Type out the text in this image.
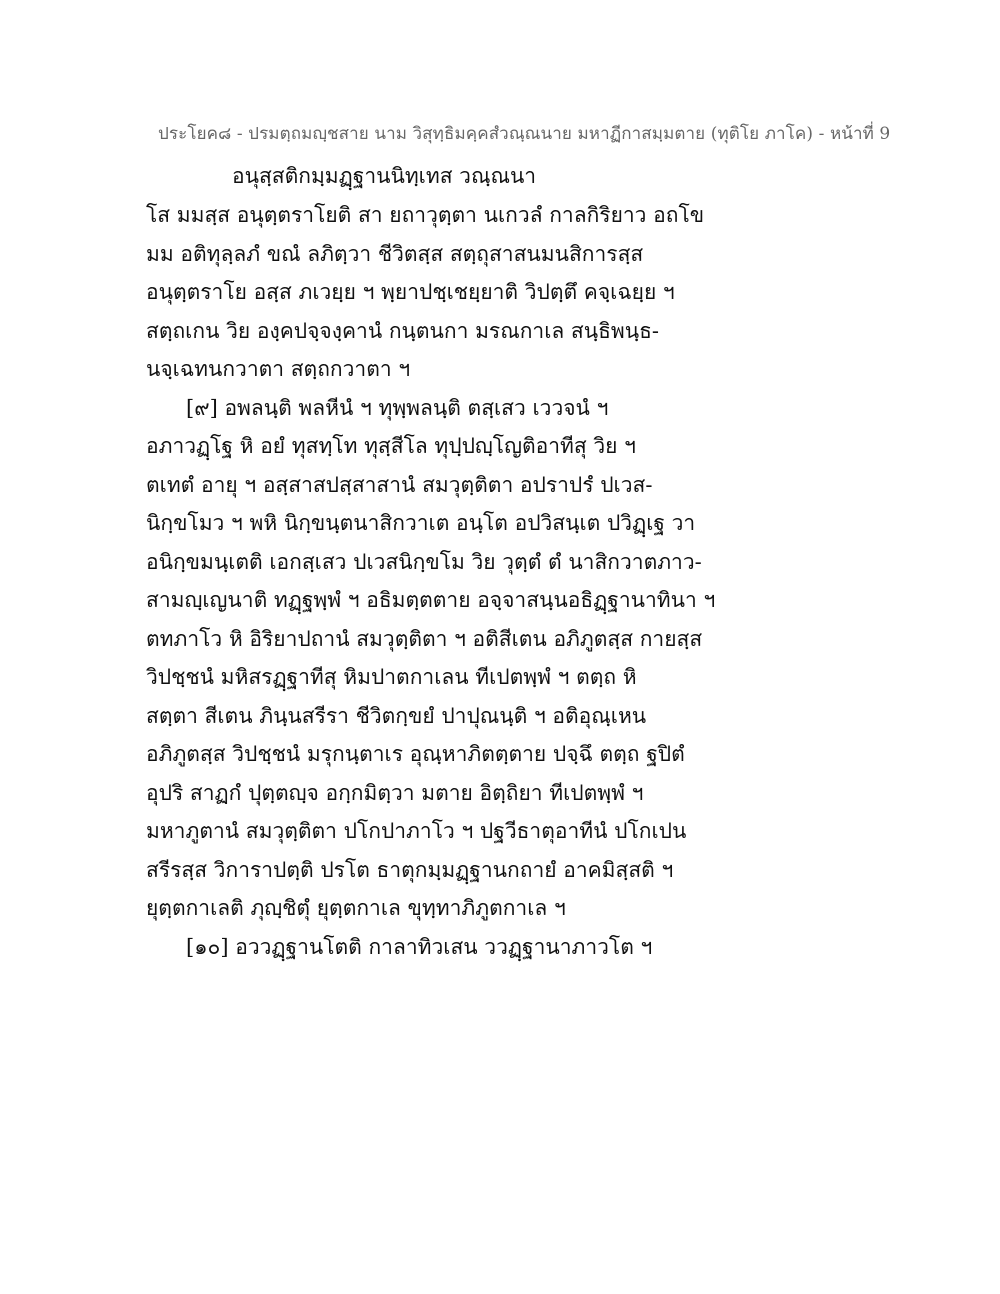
ประโยค๘ - ปรมตฺถมญฺชสาย นาม วิสุทฺธิมคฺคสํวณฺณนาย มหาฏีกาสมฺมตาย (ทุติโย ภาโค) - หน้าที่ 9
อนุสฺสติกมฺมฏฺฐานนิทฺเทส วณฺณนา
โส มมสฺส อนุตฺตราโยติ สา ยถาวุตฺตา นเกวลํ กาลกิริยาว อถโข
มม อติทุลฺลภํ ขณํ ลภิตฺวา ชีวิตสฺส สตฺถุสาสนมนสิการสฺส
อนุตฺตราโย อสฺส ภเวยฺย ฯ พฺยาปชฺเชยฺยาติ วิปตฺตึ คจฺเฉยฺย ฯ
สตฺถเกน วิย องฺคปจฺจงฺคานํ กนฺตนกา มรณกาเล สนฺธิพนฺธ-
นจฺเฉทนกวาตา สตฺถกวาตา ฯ
[๙] อพลนฺติ พลหีนํ ฯ ทุพฺพลนฺติ ตสฺเสว เววจนํ ฯ
อภาวฏฺโฐ หิ อยํ ทุสทฺโท ทุสฺสีโล ทุปฺปญฺโญติอาทีสุ วิย ฯ
ตเทตํ อายุ ฯ อสฺสาสปสฺสาสานํ สมวุตฺติตา อปราปรํ ปเวส-
นิกฺขโมว ฯ พหิ นิกฺขนฺตนาสิกวาเต อนฺโต อปวิสนฺเต ปวิฏฺเฐ วา
อนิกฺขมนฺเตติ เอกสฺเสว ปเวสนิกฺขโม วิย วุตฺตํ ตํ นาสิกวาตภาว-
สามญฺเญนาติ ทฏฺฐพฺพํ ฯ อธิมตฺตตาย อจฺจาสนฺนอธิฏฺฐานาทินา ฯ
ตทภาโว หิ อิริยาปถานํ สมวุตฺติตา ฯ อติสีเตน อภิภูตสฺส กายสฺส
วิปชฺชนํ มหิสรฏฺฐาทีสุ หิมปาตกาเลน ทีเปตพฺพํ ฯ ตตฺถ หิ
สตฺตา สีเตน ภินฺนสรีรา ชีวิตกฺขยํ ปาปุณนฺติ ฯ อติอุณฺเหน
อภิภูตสฺส วิปชฺชนํ มรุกนฺตาเร อุณฺหาภิตตฺตาย ปจฺฉึ ตตฺถ ฐปิตํ
อุปริ สาฏกํ ปุตฺตญฺจ อกฺกมิตฺวา มตาย อิตฺถิยา ทีเปตพฺพํ ฯ
มหาภูตานํ สมวุตฺติตา ปโกปาภาโว ฯ ปฐวีธาตุอาทีนํ ปโกเปน
สรีรสฺส วิการาปตฺติ ปรโต ธาตุกมฺมฏฺฐานกถายํ อาคมิสฺสติ ฯ
ยุตฺตกาเลติ ภุญฺชิตุํ ยุตฺตกาเล ขุทฺทาภิภูตกาเล ฯ
[๑๐] อววฏฺฐานโตติ กาลาทิวเสน ววฏฺฐานาภาวโต ฯ
